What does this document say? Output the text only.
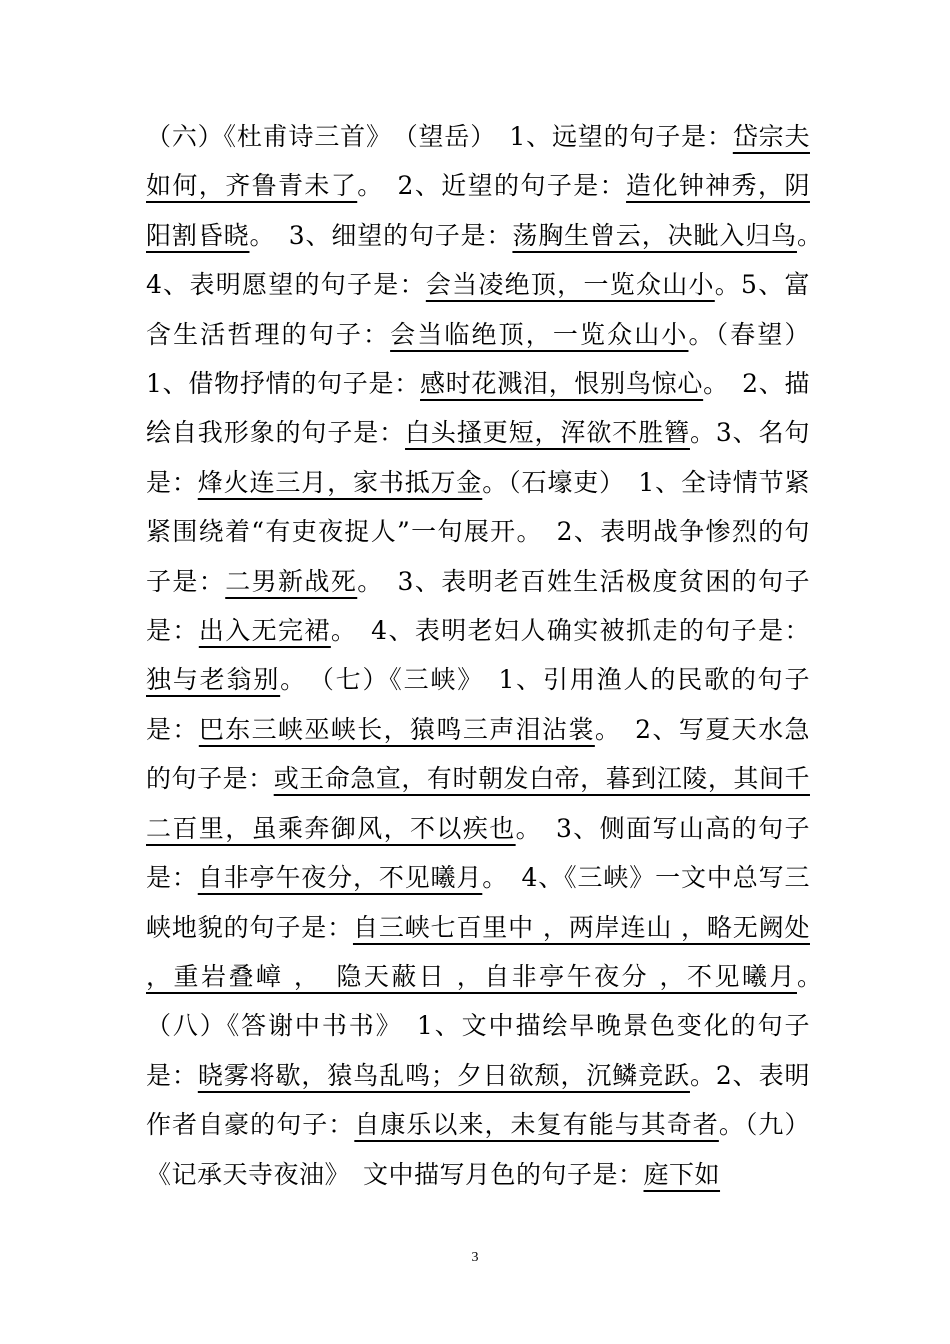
（六）《杜甫诗三首》　（望岳）　1、远望的句子是：岱宗夫如何，齐鲁青未了。　2、近望的句子是：造化钟神秀，阴阳割昏晓。　3、细望的句子是：荡胸生曾云，决眦入归鸟。　4、表明愿望的句子是：会当凌绝顶，一览众山小。5、富含生活哲理的句子：会当临绝顶，一览众山小。（春望）1、借物抒情的句子是：感时花溅泪，恨别鸟惊心。　2、描绘自我形象的句子是：白头搔更短，浑欲不胜簪。3、名句是：烽火连三月，家书抵万金。（石壕吏）　1、全诗情节紧紧围绕着“有吏夜捉人”一句展开。　2、表明战争惨烈的句子是：二男新战死。　3、表明老百姓生活极度贫困的句子是：出入无完裙。　4、表明老妇人确实被抓走的句子是：独与老翁别。　（七）《三峡》　1、引用渔人的民歌的句子是：巴东三峡巫峡长，猿鸣三声泪沾裳。　2、写夏天水急的句子是：或王命急宣，有时朝发白帝，暮到江陵，其间千二百里，虽乘奔御风，不以疾也。　3、侧面写山高的句子是：自非亭午夜分，不见曦月。　4、《三峡》一文中总写三峡地貌的句子是：自三峡七百里中 ，两岸连山 ，略无阙处 ，重岩叠嶂 ，　隐天蔽日 ，自非亭午夜分 ，不见曦月。　（八）《答谢中书书》　1、文中描绘早晚景色变化的句子是：晓雾将歇，猿鸟乱鸣；夕日欲颓，沉鳞竞跃。2、表明作者自豪的句子：自康乐以来，未复有能与其奇者。（九）《记承天寺夜油》　文中描写月色的句子是：庭下如
3
